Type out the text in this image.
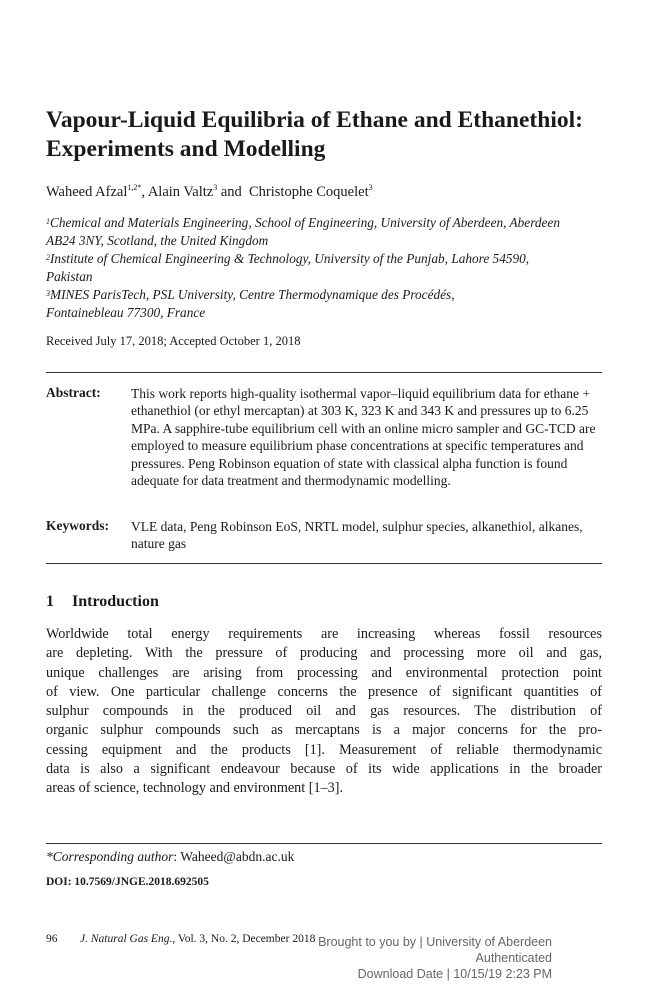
Vapour-Liquid Equilibria of Ethane and Ethanethiol: Experiments and Modelling
Waheed Afzal$^{1,2*}$, Alain Valtz$^3$ and  Christophe Coquelet$^3$
$^1$Chemical and Materials Engineering, School of Engineering, University of Aberdeen, Aberdeen
AB24 3NY, Scotland, the United Kingdom
$^2$Institute of Chemical Engineering & Technology, University of the Punjab, Lahore 54590,
Pakistan
$^3$MINES ParisTech, PSL University, Centre Thermodynamique des Procédés,
Fontainebleau 77300, France
Received July 17, 2018; Accepted October 1, 2018
Abstract: This work reports high-quality isothermal vapor–liquid equilibrium data for ethane + ethanethiol (or ethyl mercaptan) at 303 K, 323 K and 343 K and pressures up to 6.25 MPa. A sapphire-tube equilibrium cell with an online micro sampler and GC-TCD are employed to measure equilibrium phase concentrations at specific temperatures and pressures. Peng Robinson equation of state with classical alpha function is found adequate for data treatment and thermodynamic modelling.
Keywords: VLE data, Peng Robinson EoS, NRTL model, sulphur species, alkanethiol, alkanes, nature gas
1 Introduction
Worldwide total energy requirements are increasing whereas fossil resources
are depleting. With the pressure of producing and processing more oil and gas,
unique challenges are arising from processing and environmental protection point
of view. One particular challenge concerns the presence of significant quantities of
sulphur compounds in the produced oil and gas resources. The distribution of
organic sulphur compounds such as mercaptans is a major concerns for the pro-
cessing equipment and the products [1]. Measurement of reliable thermodynamic
data is also a significant endeavour because of its wide applications in the broader
areas of science, technology and environment [1–3].
*Corresponding author: Waheed@abdn.ac.uk
DOI: 10.7569/JNGE.2018.692505
96 J. Natural Gas Eng., Vol. 3, No. 2, December 2018 Brought to you by | University of Aberdeen
Authenticated
Download Date | 10/15/19 2:23 PM
